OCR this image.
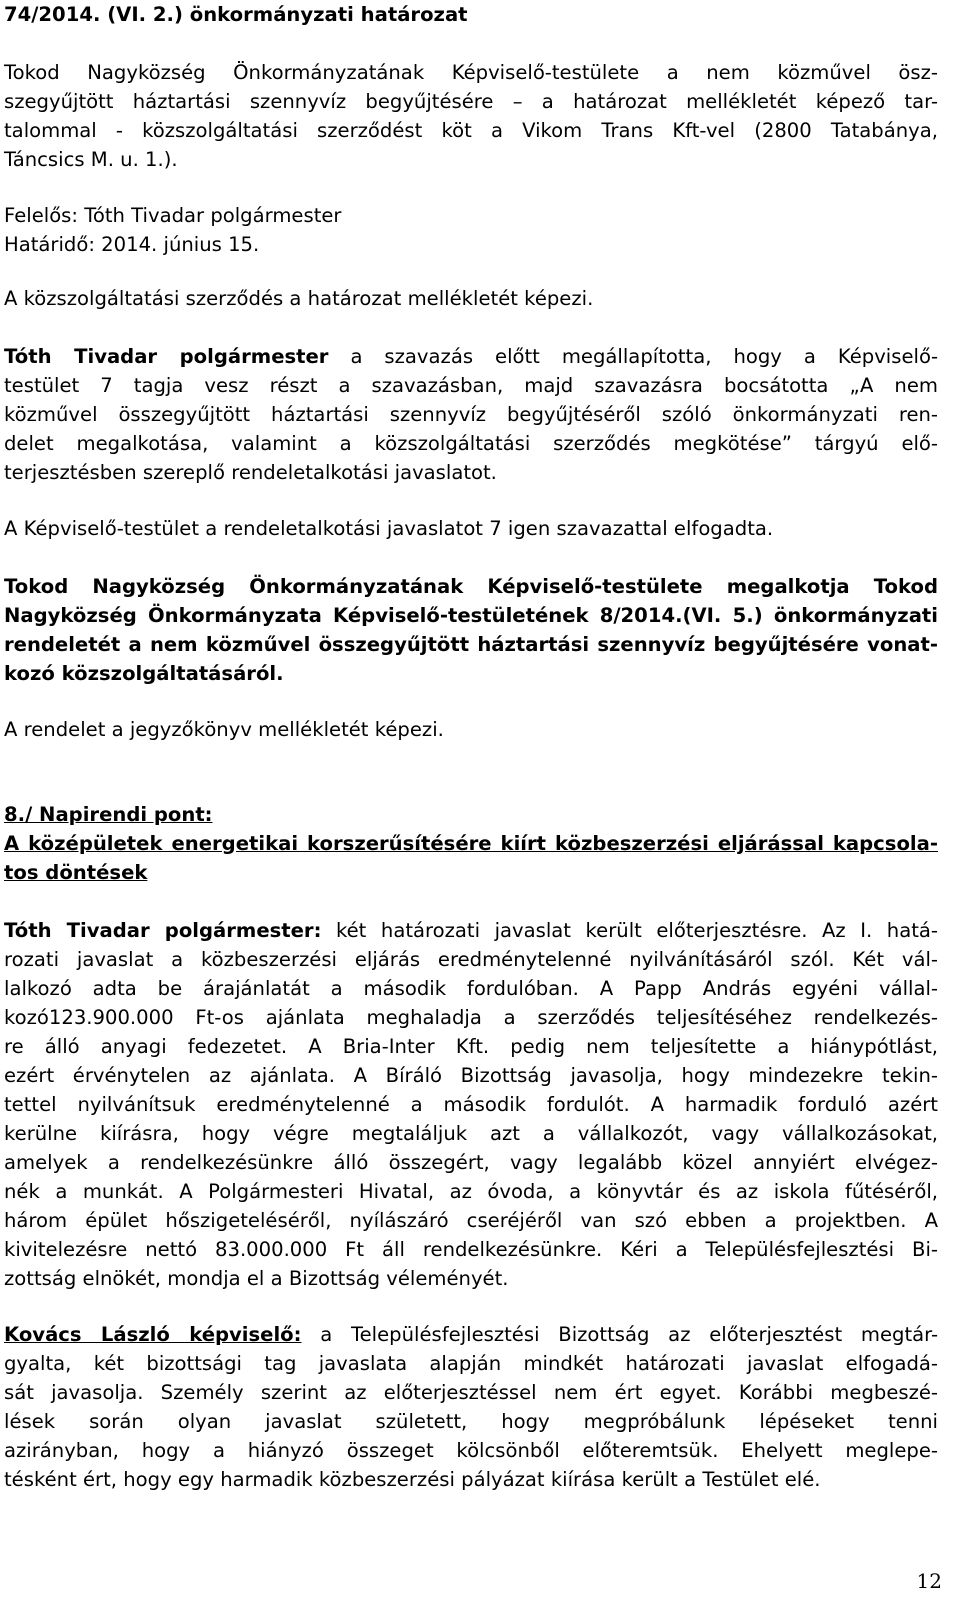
74/2014. (VI. 2.) önkormányzati határozat
Tokod Nagyközség Önkormányzatának Képviselő-testülete a nem közművel ösz-
szegyűjtött háztartási szennyvíz begyűjtésére – a határozat mellékletét képező tar-
talommal - közszolgáltatási szerződést köt a Vikom Trans Kft-vel (2800 Tatabánya,
Táncsics M. u. 1.).
Felelős: Tóth Tivadar polgármester
Határidő: 2014. június 15.
A közszolgáltatási szerződés a határozat mellékletét képezi.
Tóth Tivadar polgármester a szavazás előtt megállapította, hogy a Képviselő-
testület 7 tagja vesz részt a szavazásban, majd szavazásra bocsátotta „A nem
közművel összegyűjtött háztartási szennyvíz begyűjtéséről szóló önkormányzati ren-
delet megalkotása, valamint a közszolgáltatási szerződés megkötése” tárgyú elő-
terjesztésben szereplő rendeletalkotási javaslatot.
A Képviselő-testület a rendeletalkotási javaslatot 7 igen szavazattal elfogadta.
Tokod Nagyközség Önkormányzatának Képviselő-testülete megalkotja Tokod
Nagyközség Önkormányzata Képviselő-testületének 8/2014.(VI. 5.) önkormányzati
rendeletét a nem közművel összegyűjtött háztartási szennyvíz begyűjtésére vonat-
kozó közszolgáltatásáról.
A rendelet a jegyzőkönyv mellékletét képezi.
8./ Napirendi pont:
A középületek energetikai korszerűsítésére kiírt közbeszerzési eljárással kapcsola-
tos döntések
Tóth Tivadar polgármester: két határozati javaslat került előterjesztésre. Az I. hatá-
rozati javaslat a közbeszerzési eljárás eredménytelenné nyilvánításáról szól. Két vál-
lalkozó adta be árajánlatát a második fordulóban. A Papp András egyéni vállal-
kozó123.900.000 Ft-os ajánlata meghaladja a szerződés teljesítéséhez rendelkezés-
re álló anyagi fedezetet. A Bria-Inter Kft. pedig nem teljesítette a hiánypótlást,
ezért érvénytelen az ajánlata. A Bíráló Bizottság javasolja, hogy mindezekre tekin-
tettel nyilvánítsuk eredménytelenné a második fordulót. A harmadik forduló azért
kerülne kiírásra, hogy végre megtaláljuk azt a vállalkozót, vagy vállalkozásokat,
amelyek a rendelkezésünkre álló összegért, vagy legalább közel annyiért elvégez-
nék a munkát. A Polgármesteri Hivatal, az óvoda, a könyvtár és az iskola fűtéséről,
három épület hőszigeteléséről, nyílászáró cseréjéről van szó ebben a projektben. A
kivitelezésre nettó 83.000.000 Ft áll rendelkezésünkre. Kéri a Településfejlesztési Bi-
zottság elnökét, mondja el a Bizottság véleményét.
Kovács László képviselő: a Településfejlesztési Bizottság az előterjesztést megtár-
gyalta, két bizottsági tag javaslata alapján mindkét határozati javaslat elfogadá-
sát javasolja. Személy szerint az előterjesztéssel nem ért egyet. Korábbi megbeszé-
lések során olyan javaslat született, hogy megpróbálunk lépéseket tenni
azirányban, hogy a hiányzó összeget kölcsönből előteremtsük. Ehelyett meglepe-
tésként ért, hogy egy harmadik közbeszerzési pályázat kiírása került a Testület elé.
12
